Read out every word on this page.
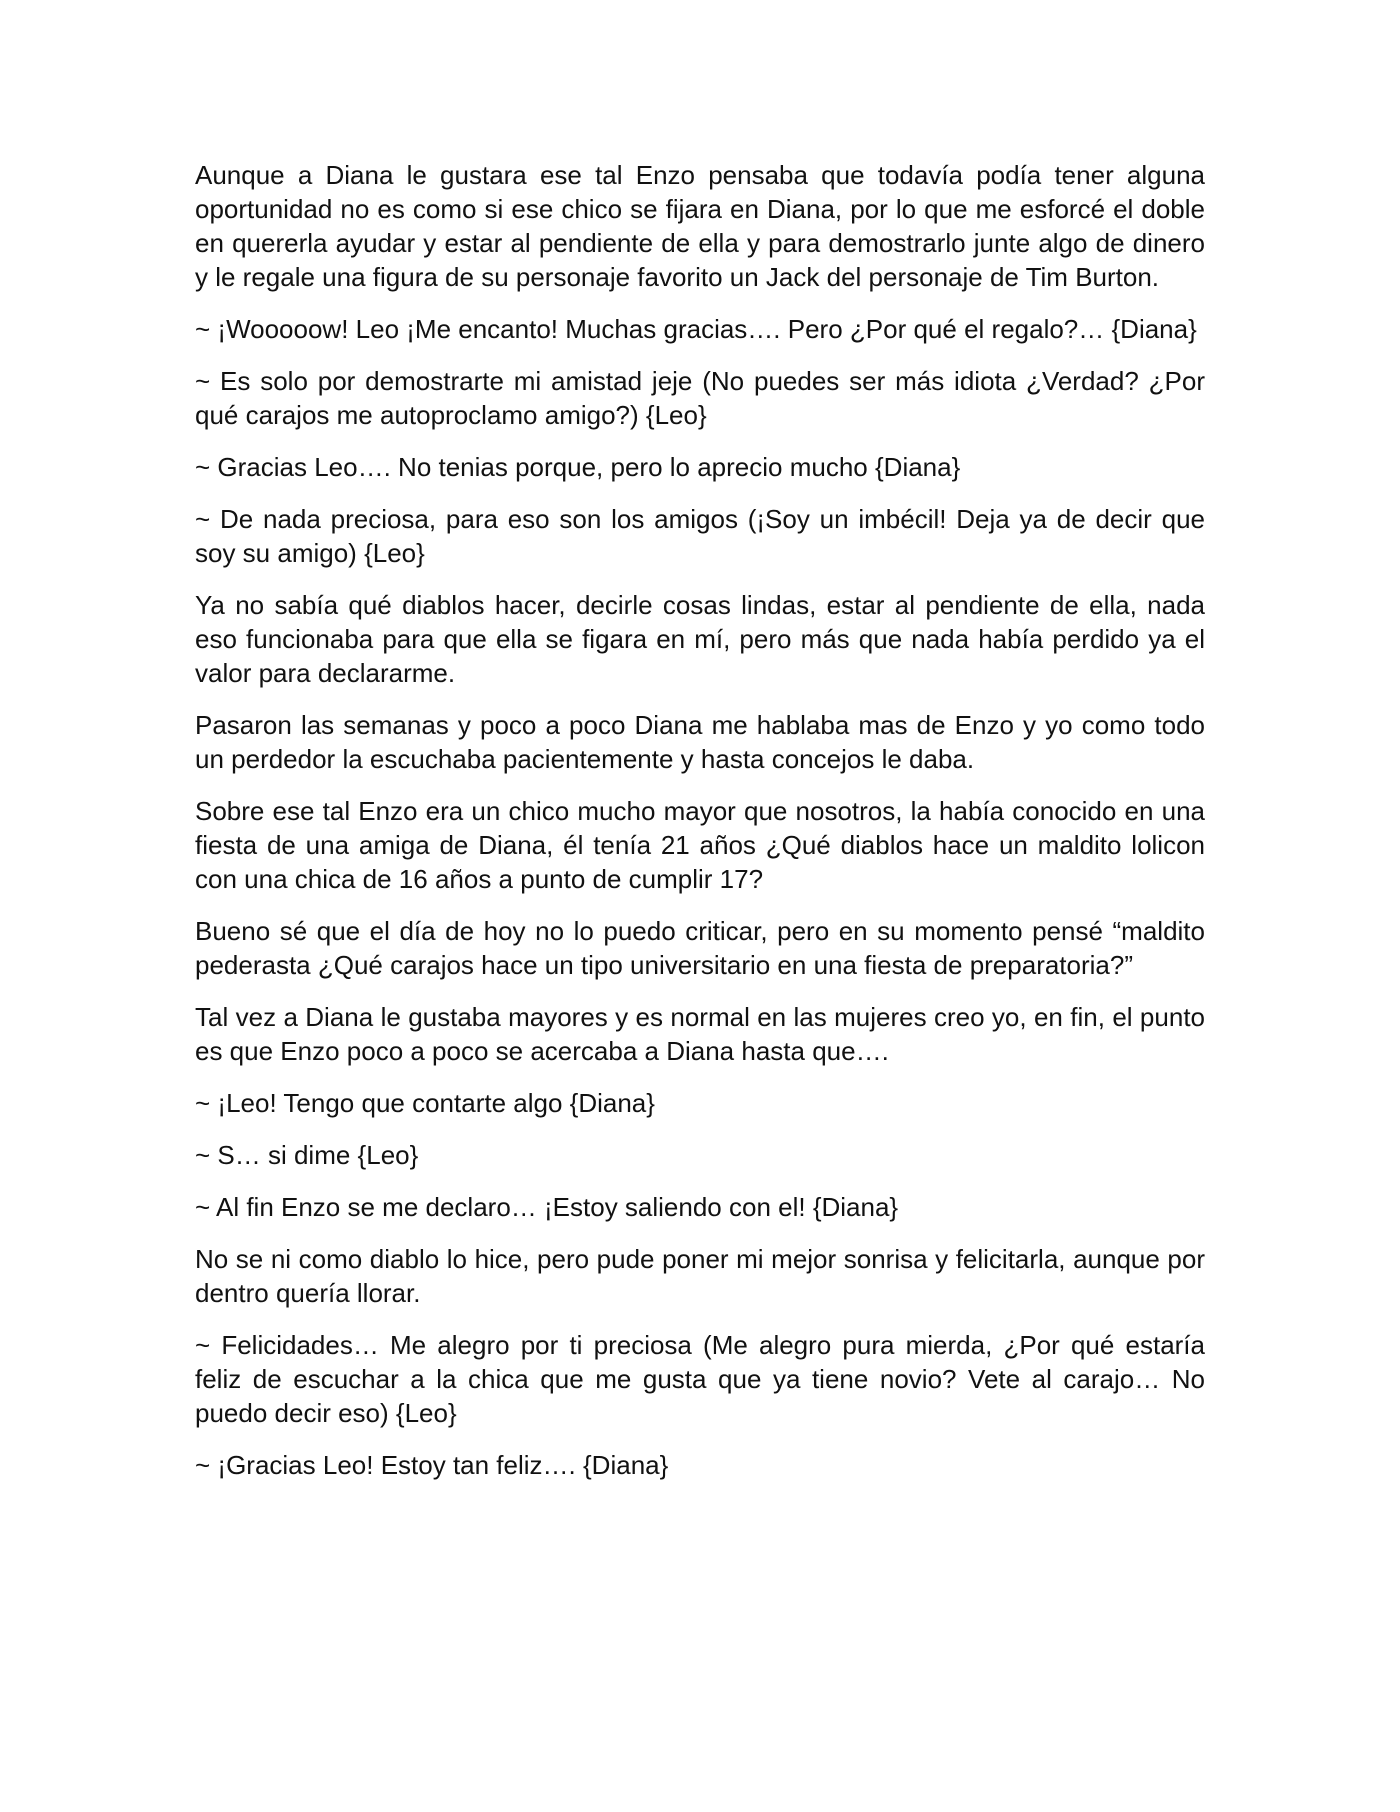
Aunque a Diana le gustara ese tal Enzo pensaba que todavía podía tener alguna oportunidad no es como si ese chico se fijara en Diana, por lo que me esforcé el doble en quererla ayudar y estar al pendiente de ella y para demostrarlo junte algo de dinero y le regale una figura de su personaje favorito un Jack del personaje de Tim Burton.

~ ¡Wooooow! Leo ¡Me encanto! Muchas gracias…. Pero ¿Por qué el regalo?… {Diana}

~ Es solo por demostrarte mi amistad jeje (No puedes ser más idiota ¿Verdad? ¿Por qué carajos me autoproclamo amigo?) {Leo}

~ Gracias Leo…. No tenias porque, pero lo aprecio mucho {Diana}

~ De nada preciosa, para eso son los amigos (¡Soy un imbécil! Deja ya de decir que soy su amigo) {Leo}

Ya no sabía qué diablos hacer, decirle cosas lindas, estar al pendiente de ella, nada eso funcionaba para que ella se figara en mí, pero más que nada había perdido ya el valor para declararme.

Pasaron las semanas y poco a poco Diana me hablaba mas de Enzo y yo como todo un perdedor la escuchaba pacientemente y hasta concejos le daba.

Sobre ese tal Enzo era un chico mucho mayor que nosotros, la había conocido en una fiesta de una amiga de Diana, él tenía 21 años ¿Qué diablos hace un maldito lolicon con una chica de 16 años a punto de cumplir 17?

Bueno sé que el día de hoy no lo puedo criticar, pero en su momento pensé “maldito pederasta ¿Qué carajos hace un tipo universitario en una fiesta de preparatoria?”

Tal vez a Diana le gustaba mayores y es normal en las mujeres creo yo, en fin, el punto es que Enzo poco a poco se acercaba a Diana hasta que….

~ ¡Leo! Tengo que contarte algo {Diana}

~ S… si dime {Leo}

~ Al fin Enzo se me declaro… ¡Estoy saliendo con el! {Diana}

No se ni como diablo lo hice, pero pude poner mi mejor sonrisa y felicitarla, aunque por dentro quería llorar.

~ Felicidades… Me alegro por ti preciosa (Me alegro pura mierda, ¿Por qué estaría feliz de escuchar a la chica que me gusta que ya tiene novio? Vete al carajo… No puedo decir eso) {Leo}

~ ¡Gracias Leo! Estoy tan feliz…. {Diana}
